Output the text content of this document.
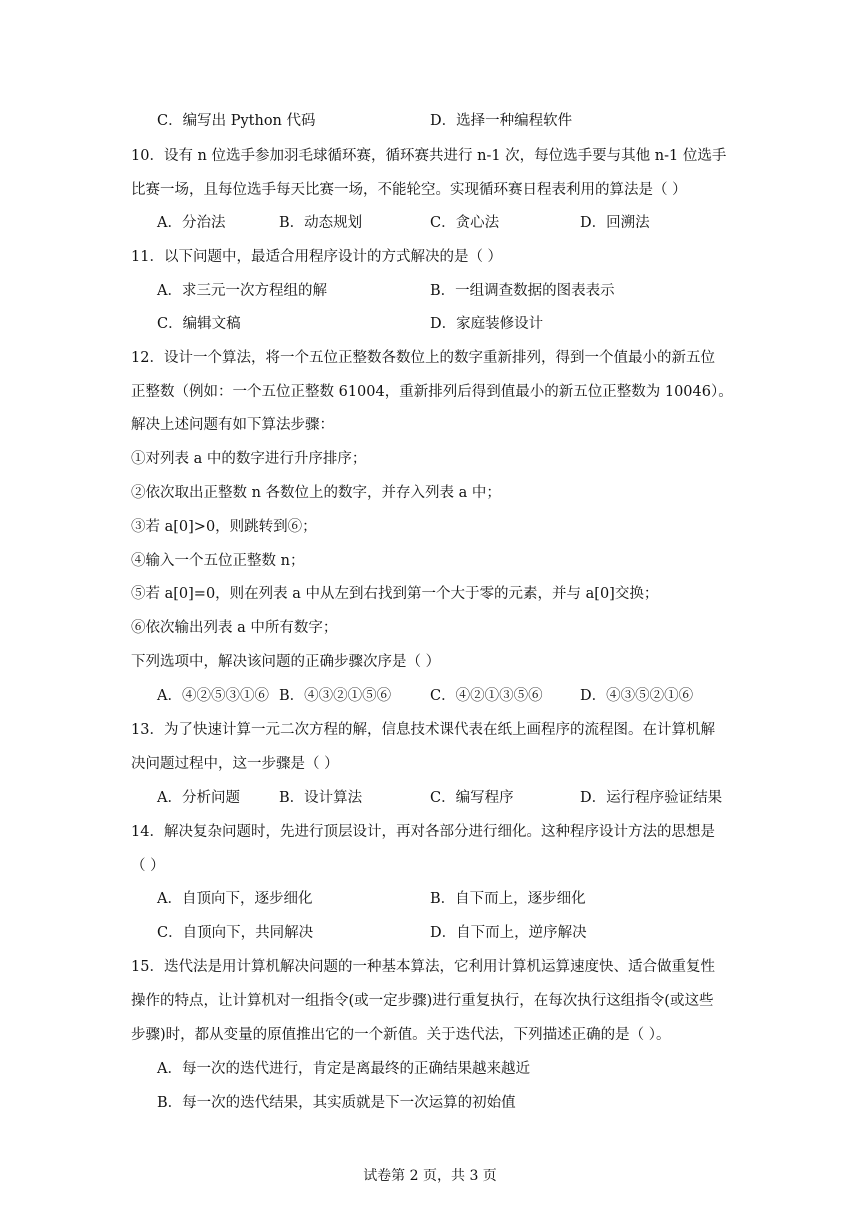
C．编写出 Python 代码	D．选择一种编程软件
10．设有 n 位选手参加羽毛球循环赛，循环赛共进行 n-1 次，每位选手要与其他 n-1 位选手
比赛一场，且每位选手每天比赛一场，不能轮空。实现循环赛日程表利用的算法是（ ）
A．分治法	B．动态规划	C．贪心法	D．回溯法
11．以下问题中，最适合用程序设计的方式解决的是（ ）
A．求三元一次方程组的解	B．一组调查数据的图表表示
C．编辑文稿	D．家庭装修设计
12．设计一个算法，将一个五位正整数各数位上的数字重新排列，得到一个值最小的新五位
正整数（例如：一个五位正整数 61004，重新排列后得到值最小的新五位正整数为 10046）。
解决上述问题有如下算法步骤：
①对列表 a 中的数字进行升序排序；
②依次取出正整数 n 各数位上的数字，并存入列表 a 中；
③若 a[0]>0，则跳转到⑥；
④输入一个五位正整数 n；
⑤若 a[0]=0，则在列表 a 中从左到右找到第一个大于零的元素，并与 a[0]交换；
⑥依次输出列表 a 中所有数字；
下列选项中，解决该问题的正确步骤次序是（ ）
A．④②⑤③①⑥ B．④③②①⑤⑥	C．④②①③⑤⑥	D．④③⑤②①⑥
13．为了快速计算一元二次方程的解，信息技术课代表在纸上画程序的流程图。在计算机解
决问题过程中，这一步骤是（ ）
A．分析问题	B．设计算法	C．编写程序	D．运行程序验证结果
14．解决复杂问题时，先进行顶层设计，再对各部分进行细化。这种程序设计方法的思想是
（ ）
A．自顶向下，逐步细化	B．自下而上，逐步细化
C．自顶向下，共同解决	D．自下而上，逆序解决
15．迭代法是用计算机解决问题的一种基本算法，它利用计算机运算速度快、适合做重复性
操作的特点，让计算机对一组指令(或一定步骤)进行重复执行，在每次执行这组指令(或这些
步骤)时，都从变量的原值推出它的一个新值。关于迭代法，下列描述正确的是（ ）。
A．每一次的迭代进行，肯定是离最终的正确结果越来越近
B．每一次的迭代结果，其实质就是下一次运算的初始值
试卷第 2 页，共 3 页
